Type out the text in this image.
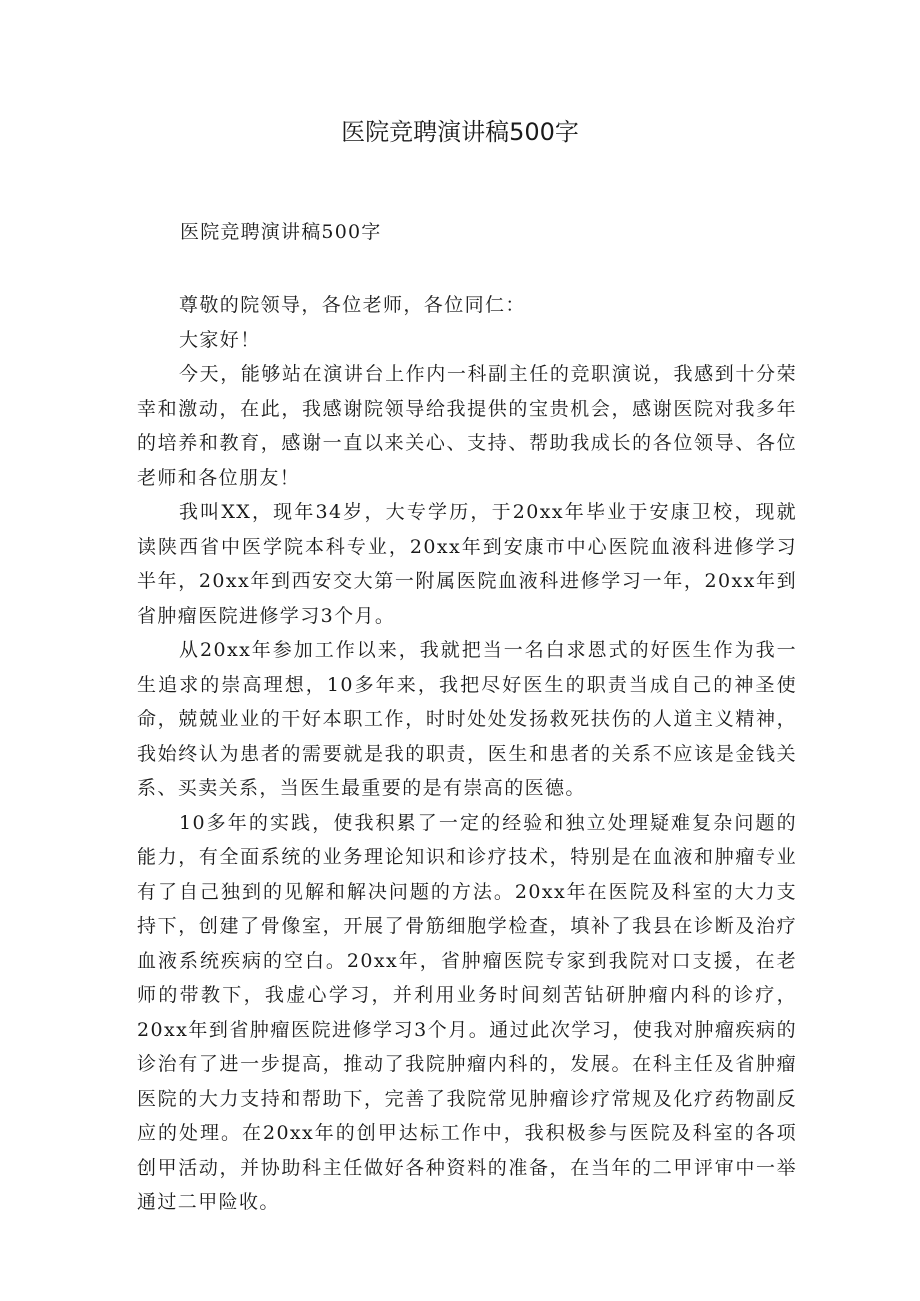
医院竞聘演讲稿500字
医院竞聘演讲稿500字

尊敬的院领导，各位老师，各位同仁：

大家好！

今天，能够站在演讲台上作内一科副主任的竞职演说，我感到十分荣幸和激动，在此，我感谢院领导给我提供的宝贵机会，感谢医院对我多年的培养和教育，感谢一直以来关心、支持、帮助我成长的各位领导、各位老师和各位朋友！

我叫XX，现年34岁，大专学历，于20xx年毕业于安康卫校，现就读陕西省中医学院本科专业，20xx年到安康市中心医院血液科进修学习半年，20xx年到西安交大第一附属医院血液科进修学习一年，20xx年到省肿瘤医院进修学习3个月。

从20xx年参加工作以来，我就把当一名白求恩式的好医生作为我一生追求的崇高理想，10多年来，我把尽好医生的职责当成自己的神圣使命，兢兢业业的干好本职工作，时时处处发扬救死扶伤的人道主义精神，我始终认为患者的需要就是我的职责，医生和患者的关系不应该是金钱关系、买卖关系，当医生最重要的是有崇高的医德。

10多年的实践，使我积累了一定的经验和独立处理疑难复杂问题的能力，有全面系统的业务理论知识和诊疗技术，特别是在血液和肿瘤专业有了自己独到的见解和解决问题的方法。20xx年在医院及科室的大力支持下，创建了骨像室，开展了骨筋细胞学检查，填补了我县在诊断及治疗血液系统疾病的空白。20xx年，省肿瘤医院专家到我院对口支援，在老师的带教下，我虚心学习，并利用业务时间刻苦钻研肿瘤内科的诊疗，20xx年到省肿瘤医院进修学习3个月。通过此次学习，使我对肿瘤疾病的诊治有了进一步提高，推动了我院肿瘤内科的，发展。在科主任及省肿瘤医院的大力支持和帮助下，完善了我院常见肿瘤诊疗常规及化疗药物副反应的处理。在20xx年的创甲达标工作中，我积极参与医院及科室的各项创甲活动，并协助科主任做好各种资料的准备，在当年的二甲评审中一举通过二甲险收。
